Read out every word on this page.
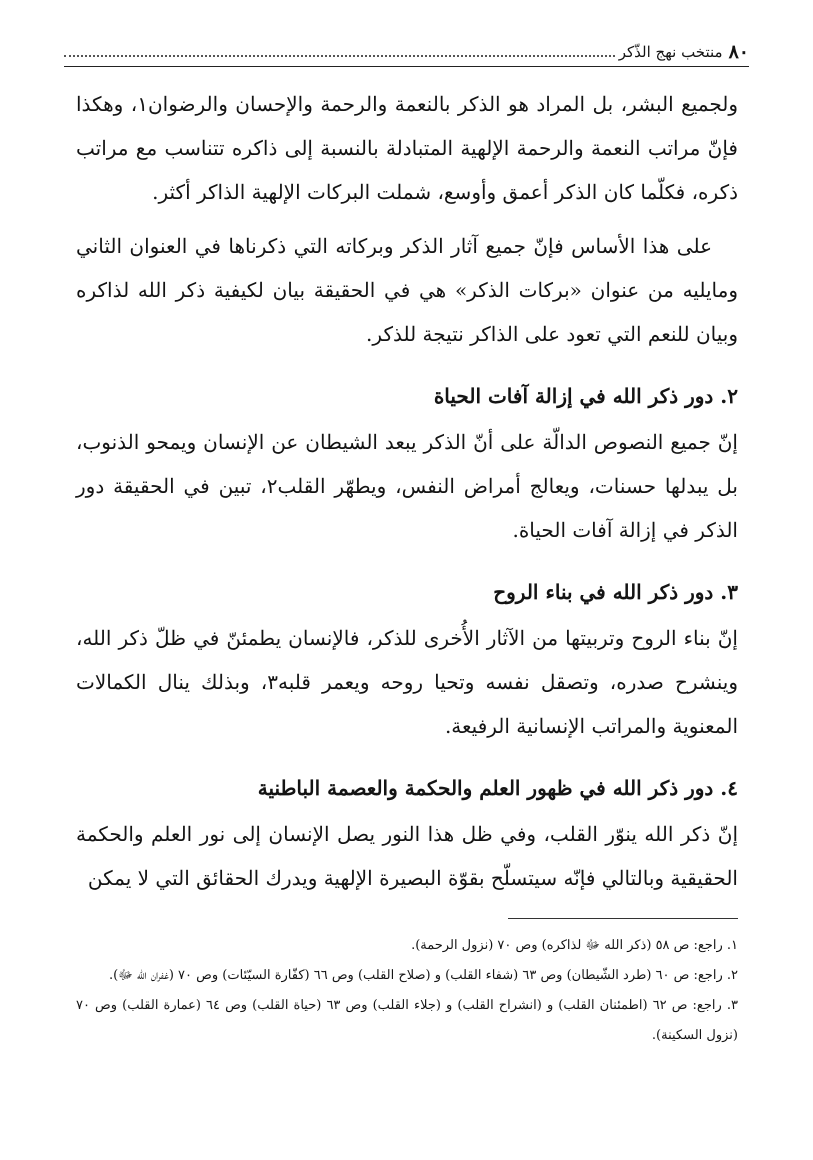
٨٠
منتخب نهج الذّكر

ولجميع البشر، بل المراد هو الذكر بالنعمة والرحمة والإحسان والرضوان١، وهكذا فإنّ مراتب النعمة والرحمة الإلهية المتبادلة بالنسبة إلى ذاكره تتناسب مع مراتب ذكره، فكلّما كان الذكر أعمق وأوسع، شملت البركات الإلهية الذاكر أكثر.

على هذا الأساس فإنّ جميع آثار الذكر وبركاته التي ذكرناها في العنوان الثاني ومايليه من عنوان «بركات الذكر» هي في الحقيقة بيان لكيفية ذكر الله لذاكره وبيان للنعم التي تعود على الذاكر نتيجة للذكر.

٢. دور ذكر الله في إزالة آفات الحياة

إنّ جميع النصوص الدالّة على أنّ الذكر يبعد الشيطان عن الإنسان ويمحو الذنوب، بل يبدلها حسنات، ويعالج أمراض النفس، ويطهّر القلب٢، تبين في الحقيقة دور الذكر في إزالة آفات الحياة.

٣. دور ذكر الله في بناء الروح

إنّ بناء الروح وتربيتها من الآثار الأُخرى للذكر، فالإنسان يطمئنّ في ظلّ ذكر الله، وينشرح صدره، وتصقل نفسه وتحيا روحه ويعمر قلبه٣، وبذلك ينال الكمالات المعنوية والمراتب الإنسانية الرفيعة.

٤. دور ذكر الله في ظهور العلم والحكمة والعصمة الباطنية

إنّ ذكر الله ينوّر القلب، وفي ظل هذا النور يصل الإنسان إلى نور العلم والحكمة الحقيقية وبالتالي فإنّه سيتسلّح بقوّة البصيرة الإلهية ويدرك الحقائق التي لا يمكن

١. راجع: ص ٥٨ (ذكر الله ﷻ لذاكره) وص ٧٠ (نزول الرحمة).

٢. راجع: ص ٦٠ (طرد الشّيطان) وص ٦٣ (شفاء القلب) و (صلاح القلب) وص ٦٦ (كفّارة السيّئات) وص ٧٠ (غفران الله ﷻ).

٣. راجع: ص ٦٢ (اطمئنان القلب) و (انشراح القلب) و (جلاء القلب) وص ٦٣ (حياة القلب) وص ٦٤ (عمارة القلب) وص ٧٠ (نزول السكينة).
